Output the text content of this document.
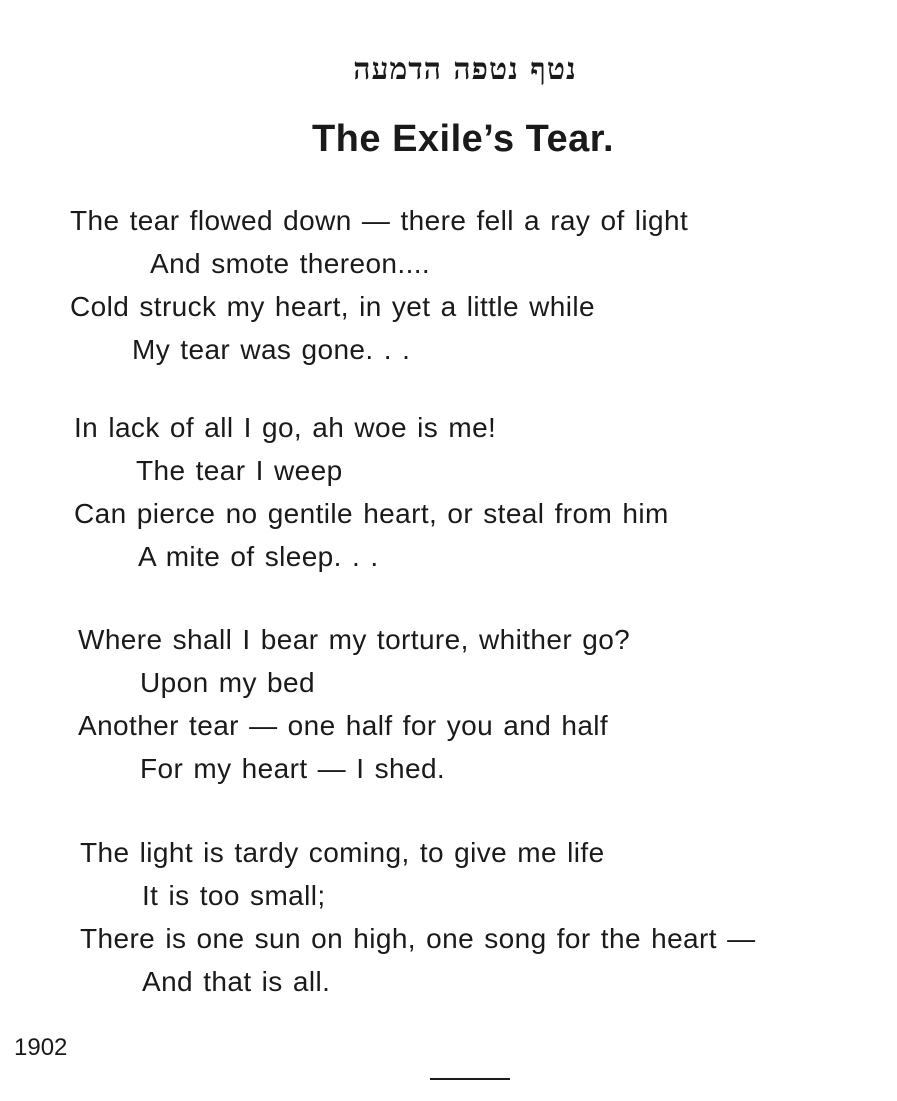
נטף נטפה הדמעה
The Exile’s Tear.
The tear flowed down — there fell a ray of light
And smote thereon....
Cold struck my heart, in yet a little while
My tear was gone. . .
In lack of all I go, ah woe is me!
The tear I weep
Can pierce no gentile heart, or steal from him
A mite of sleep. . .
Where shall I bear my torture, whither go?
Upon my bed
Another tear — one half for you and half
For my heart — I shed.
The light is tardy coming, to give me life
It is too small;
There is one sun on high, one song for the heart —
And that is all.
1902
